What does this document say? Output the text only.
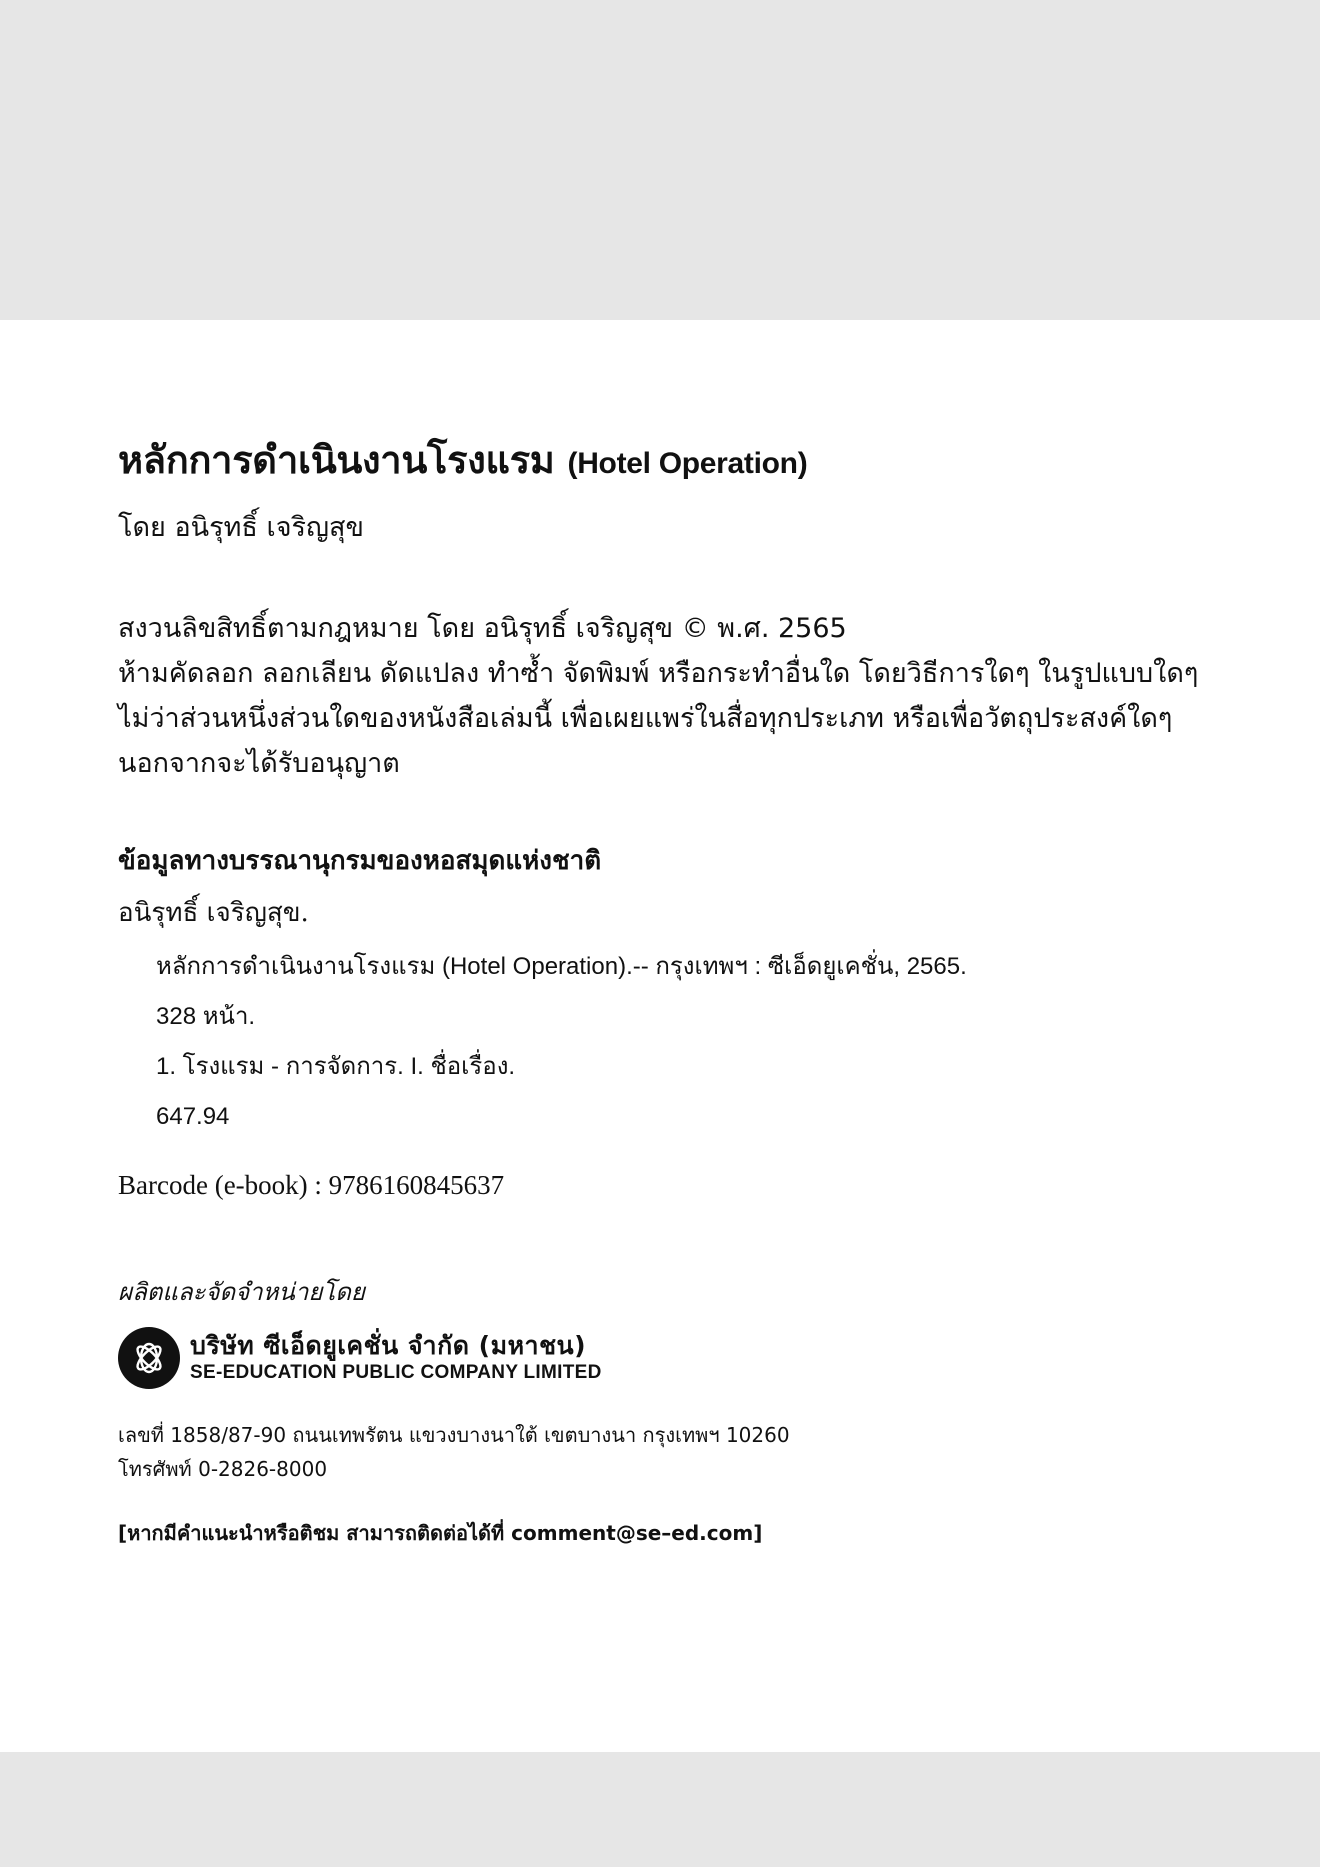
หลักการดำเนินงานโรงแรม (Hotel Operation)
โดย อนิรุทธิ์ เจริญสุข

สงวนลิขสิทธิ์ตามกฎหมาย โดย อนิรุทธิ์ เจริญสุข © พ.ศ. 2565

ห้ามคัดลอก ลอกเลียน ดัดแปลง ทำซ้ำ จัดพิมพ์ หรือกระทำอื่นใด โดยวิธีการใดๆ ในรูปแบบใดๆ

ไม่ว่าส่วนหนึ่งส่วนใดของหนังสือเล่มนี้ เพื่อเผยแพร่ในสื่อทุกประเภท หรือเพื่อวัตถุประสงค์ใดๆ

นอกจากจะได้รับอนุญาต

ข้อมูลทางบรรณานุกรมของหอสมุดแห่งชาติ

อนิรุทธิ์ เจริญสุข.

หลักการดำเนินงานโรงแรม (Hotel Operation).-- กรุงเทพฯ : ซีเอ็ดยูเคชั่น, 2565.

328 หน้า.

1. โรงแรม - การจัดการ. I. ชื่อเรื่อง.

647.94

Barcode (e-book) : 9786160845637
ผลิตและจัดจำหน่ายโดย
บริษัท ซีเอ็ดยูเคชั่น จำกัด (มหาชน)
SE-EDUCATION PUBLIC COMPANY LIMITED

เลขที่ 1858/87-90 ถนนเทพรัตน แขวงบางนาใต้ เขตบางนา กรุงเทพฯ 10260

โทรศัพท์ 0-2826-8000

[หากมีคำแนะนำหรือติชม สามารถติดต่อได้ที่ comment@se–ed.com]
